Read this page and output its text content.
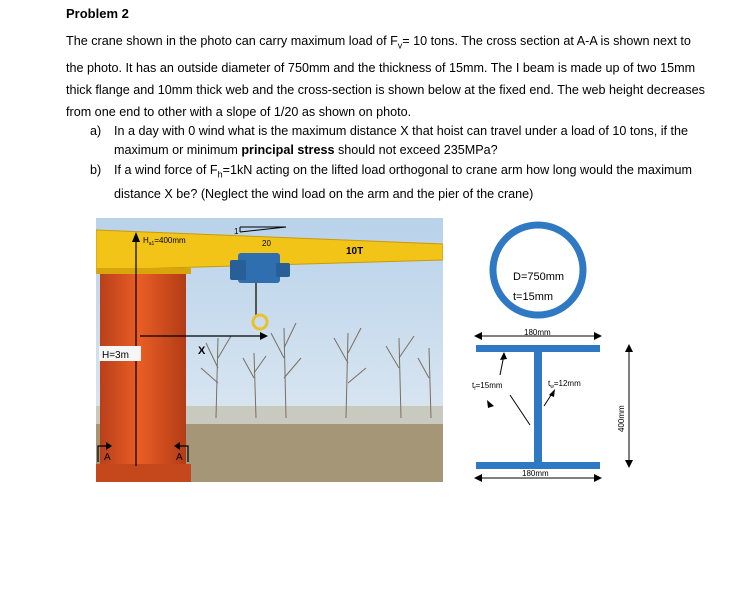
Problem 2
The crane shown in the photo can carry maximum load of $F_v= 10$ tons. The cross section at A-A is shown next to the photo. It has an outside diameter of 750mm and the thickness of 15mm. The I beam is made up of two 15mm thick flange and 10mm thick web and the cross-section is shown below at the fixed end. The web height decreases from one end to other with a slope of 1/20 as shown on photo.
a) In a day with 0 wind what is the maximum distance X that hoist can travel under a load of 10 tons, if the maximum or minimum principal stress should not exceed 235MPa?
b) If a wind force of $F_h=1kN$ acting on the lifted load orthogonal to crane arm how long would the maximum distance X be? (Neglect the wind load on the arm and the pier of the crane)
$H_{a1}=400mm$
1
20
10T
X
H=3m
A	A
D=750mm
t=15mm
180mm
$t_f=15mm$	$t_w=12mm$
400mm
180mm
